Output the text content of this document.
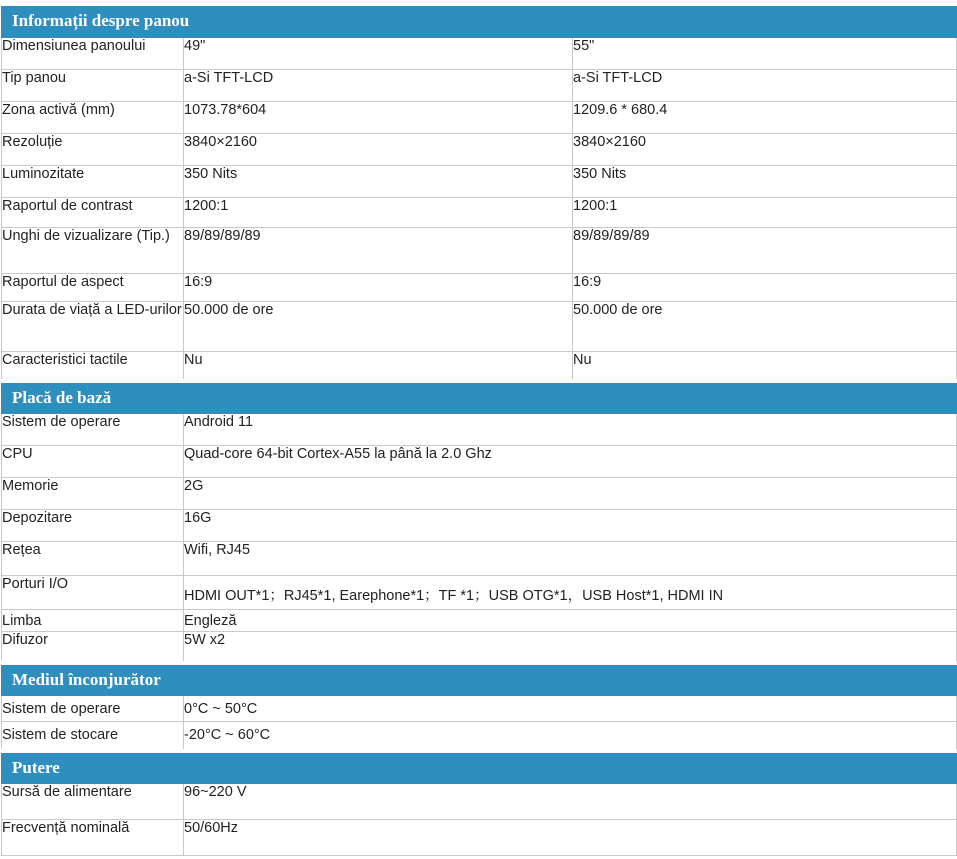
Informații despre panou		
Dimensiunea panoului	49"	55"
Tip panou	a-Si TFT-LCD	a-Si TFT-LCD
Zona activă (mm)	1073.78*604	1209.6 * 680.4
Rezoluție	3840×2160	3840×2160
Luminozitate	350 Nits	350 Nits
Raportul de contrast	1200:1	1200:1
Unghi de vizualizare (Tip.)	89/89/89/89	89/89/89/89
Raportul de aspect	16:9	16:9
Durata de viață a LED-urilor	50.000 de ore	50.000 de ore
Caracteristici tactile	Nu	Nu
Placă de bază		
Sistem de operare	Android 11	
CPU	Quad-core 64-bit Cortex-A55 la până la 2.0 Ghz	
Memorie	2G	
Depozitare	16G	
Rețea	Wifi, RJ45	
Porturi I/O	HDMI OUT*1；RJ45*1, Earephone*1；TF *1；USB OTG*1，USB Host*1, HDMI IN	
Limba	Engleză	
Difuzor	5W x2	
Mediul înconjurător		
Sistem de operare	0°C ~ 50°C	
Sistem de stocare	-20°C ~ 60°C	
Putere		
Sursă de alimentare	96~220 V	
Frecvență nominală	50/60Hz	
